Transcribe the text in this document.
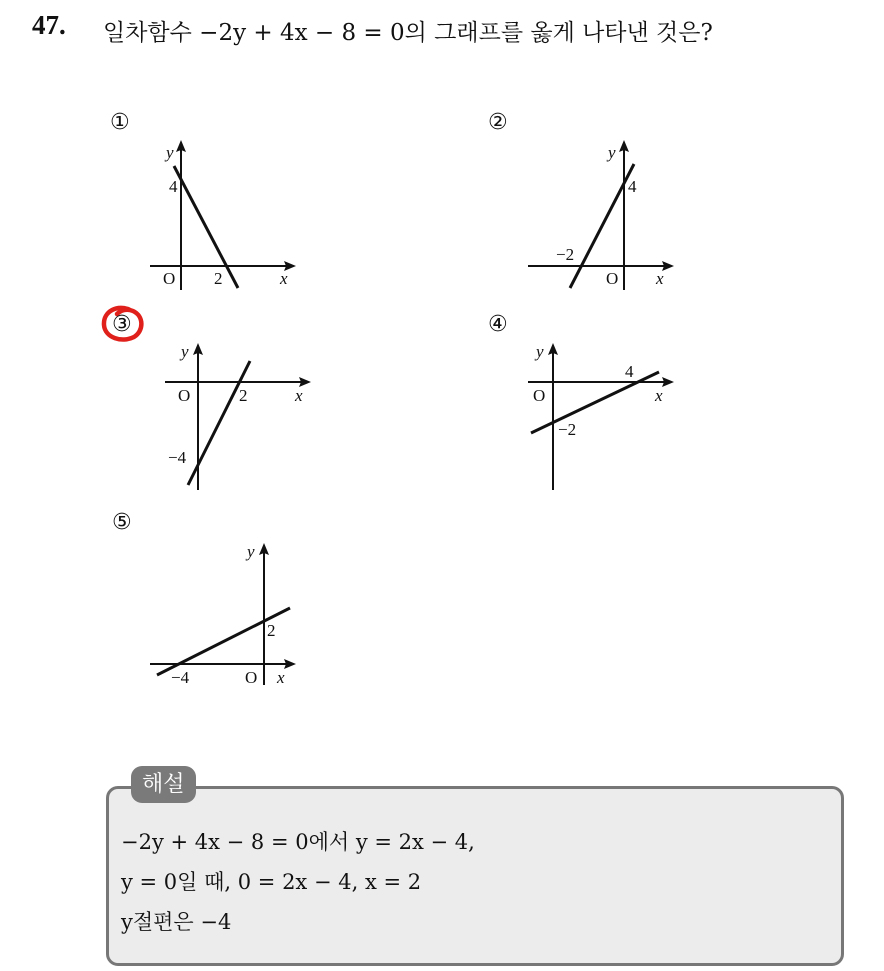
47. 일차함수 −2y + 4x − 8 = 0의 그래프를 옳게 나타낸 것은?
①
y
O
4
2	x
②
y
4
−2
O x
③
y
O	2
−4
x
④
y
4
O
−2
x
⑤
y
2
−4	O x
해설
−2y + 4x − 8 = 0에서 y = 2x − 4,
y = 0일 때, 0 = 2x − 4, x = 2
y절편은 −4
